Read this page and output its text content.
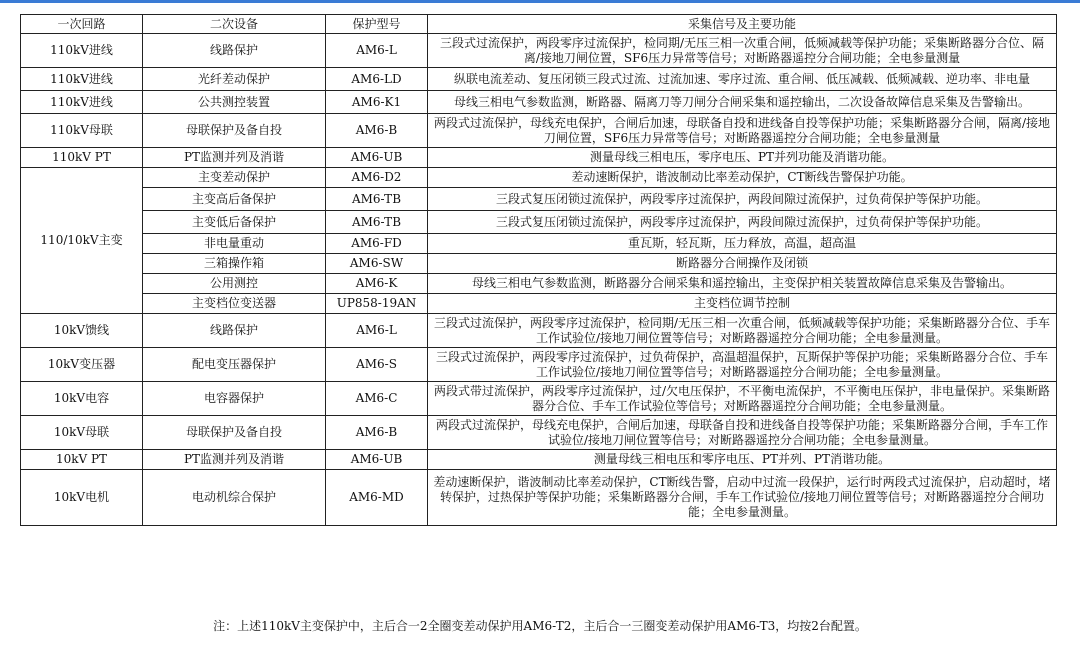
一次回路	二次设备	保护型号	采集信号及主要功能
110kV进线	线路保护	AM6-L	三段式过流保护，两段零序过流保护，检同期/无压三相一次重合闸，低频减载等保护功能；采集断路器分合位、隔离/接地刀闸位置，SF6压力异常等信号；对断路器遥控分合闸功能；全电参量测量
110kV进线	光纤差动保护	AM6-LD	纵联电流差动、复压闭锁三段式过流、过流加速、零序过流、重合闸、低压减载、低频减载、逆功率、非电量
110kV进线	公共测控装置	AM6-K1	母线三相电气参数监测，断路器、隔离刀等刀闸分合闸采集和遥控输出，二次设备故障信息采集及告警输出。
110kV母联	母联保护及备自投	AM6-B	两段式过流保护，母线充电保护，合闸后加速，母联备自投和进线备自投等保护功能；采集断路器分合闸，隔离/接地刀闸位置，SF6压力异常等信号；对断路器遥控分合闸功能；全电参量测量
110kV PT	PT监测并列及消谐	AM6-UB	测量母线三相电压，零序电压、PT并列功能及消谐功能。
110/10kV主变	主变差动保护	AM6-D2	差动速断保护，谐波制动比率差动保护，CT断线告警保护功能。
	主变高后备保护	AM6-TB	三段式复压闭锁过流保护，两段零序过流保护，两段间隙过流保护，过负荷保护等保护功能。
	主变低后备保护	AM6-TB	三段式复压闭锁过流保护，两段零序过流保护，两段间隙过流保护，过负荷保护等保护功能。
	非电量重动	AM6-FD	重瓦斯，轻瓦斯，压力释放，高温，超高温
	三箱操作箱	AM6-SW	断路器分合闸操作及闭锁
	公用测控	AM6-K	母线三相电气参数监测，断路器分合闸采集和遥控输出，主变保护相关装置故障信息采集及告警输出。
	主变档位变送器	UP858-19AN	主变档位调节控制
10kV馈线	线路保护	AM6-L	三段式过流保护，两段零序过流保护，检同期/无压三相一次重合闸，低频减载等保护功能；采集断路器分合位、手车工作试验位/接地刀闸位置等信号；对断路器遥控分合闸功能；全电参量测量。
10kV变压器	配电变压器保护	AM6-S	三段式过流保护，两段零序过流保护，过负荷保护，高温超温保护，瓦斯保护等保护功能；采集断路器分合位、手车工作试验位/接地刀闸位置等信号；对断路器遥控分合闸功能；全电参量测量。
10kV电容	电容器保护	AM6-C	两段式带过流保护，两段零序过流保护，过/欠电压保护，不平衡电流保护，不平衡电压保护，非电量保护。采集断路器分合位、手车工作试验位等信号；对断路器遥控分合闸功能；全电参量测量。
10kV母联	母联保护及备自投	AM6-B	两段式过流保护，母线充电保护，合闸后加速，母联备自投和进线备自投等保护功能；采集断路器分合闸，手车工作试验位/接地刀闸位置等信号；对断路器遥控分合闸功能；全电参量测量。
10kV PT	PT监测并列及消谐	AM6-UB	测量母线三相电压和零序电压、PT并列、PT消谐功能。
10kV电机	电动机综合保护	AM6-MD	差动速断保护，谐波制动比率差动保护，CT断线告警，启动中过流一段保护，运行时两段式过流保护，启动超时，堵转保护，过热保护等保护功能；采集断路器分合闸，手车工作试验位/接地刀闸位置等信号；对断路器遥控分合闸功能；全电参量测量。
注：上述110kV主变保护中，主后合一2全圈变差动保护用AM6-T2，主后合一三圈变差动保护用AM6-T3，均按2台配置。
